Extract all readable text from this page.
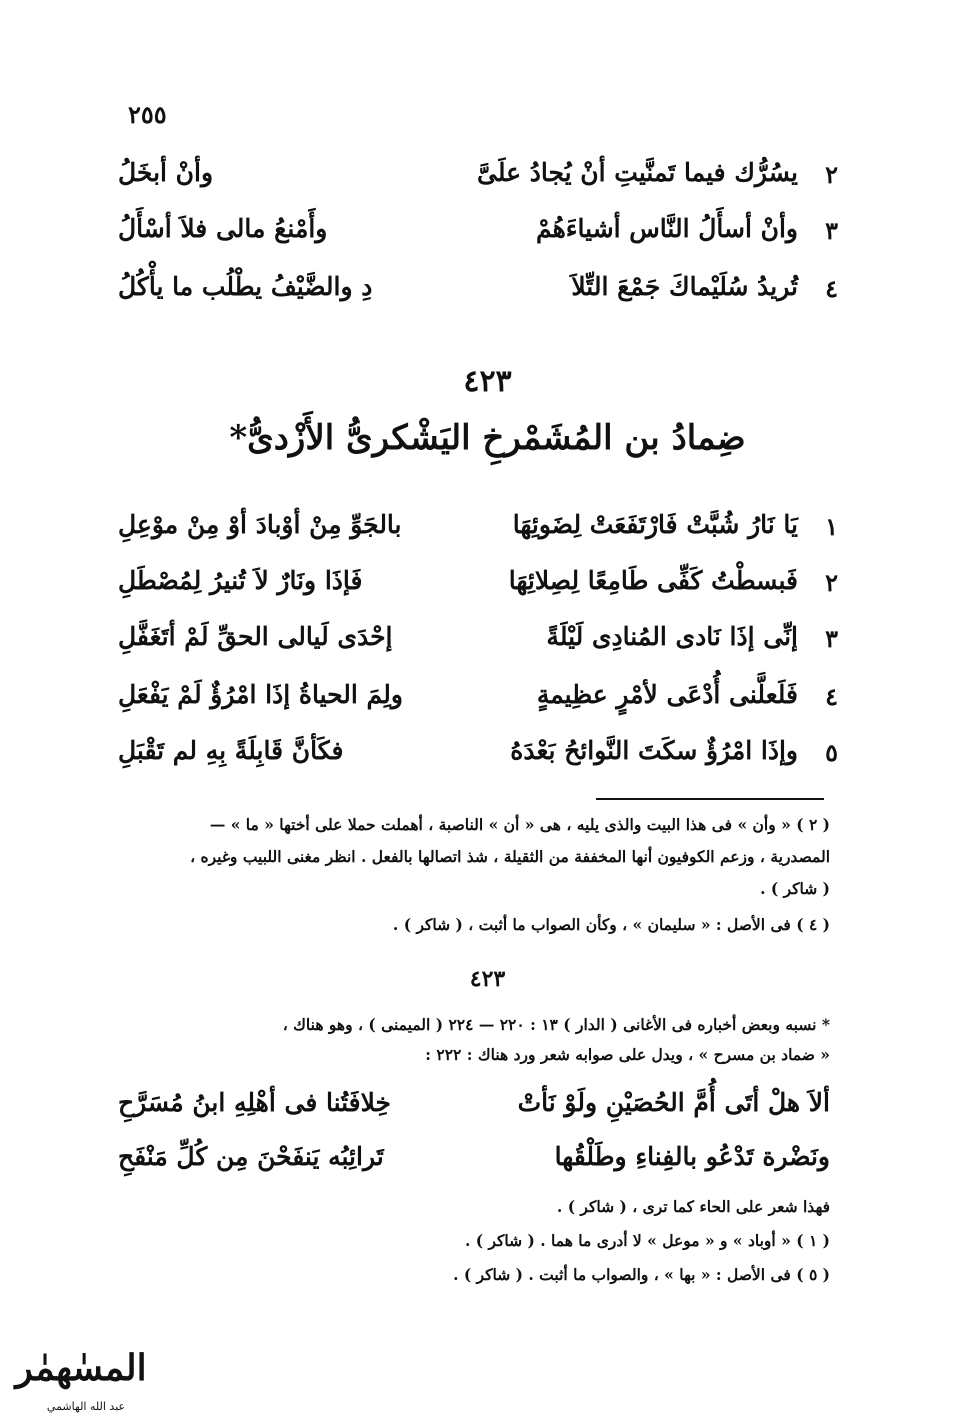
٢٥٥
٢
يسُرُّك فيما تَمنَّيتِ أنْ يُجادُ علَىَّ
وأنْ أبخَلُ
٣
وأنْ أسأَلُ النَّاس أشياءَهُمْ
وأَمْنعُ مالى فلاَ أسْأَلُ
٤
تُريدُ سُلَيْماكَ جَمْعَ التِّلاَ
دِ والضَّيْفُ يطْلُب ما يأْكُلُ
٤٢٣
ضِمادُ بن المُشَمْرخِ اليَشْكرىُّ الأَزْدىُّ*
١
يَا نَارُ شُبَّتْ فَارْتَفَعَتْ لِضَوئِهَا
بالجَوِّ مِنْ أوْبادَ أوْ مِنْ موْعِلِ
٢
فَبسطْتُ كَفِّى طَامِعًا لِصِلائِهَا
فَإذَا ونَارٌ لاَ تُنيرُ لِمُصْطَلِ
٣
إنِّى إذَا نَادى المُنادِى لَيْلَةً
إحْدَى لَيالى الحقِّ لَمْ أتَغَفَّلِ
٤
فَلَعلَّنى أُدْعَى لأمْرٍ عظِيمةٍ
ولِمَ الحياةُ إذَا امْرُؤٌ لَمْ يَفْعَلِ
٥
وإذَا امْرُؤٌ سكَتَ النَّوائحُ بَعْدَهُ
فكَأنَّ قَابِلَةً بِهِ لم تَقْبَلِ
( ٢ ) « وأن » فى هذا البيت والذى يليه ، هى « أن » الناصبة ، أهملت حملا على أختها « ما » —
المصدرية ، وزعم الكوفيون أنها المخففة من الثقيلة ، شذ اتصالها بالفعل . انظر مغنى اللبيب وغيره ،
( شاكر ) .
( ٤ ) فى الأصل : « سليمان » ، وكأن الصواب ما أثبت ، ( شاكر ) .
٤٢٣
* نسبه وبعض أخباره فى الأغانى ( الدار ) ١٣ : ٢٢٠ — ٢٢٤ ( الميمنى ) ، وهو هناك ،
« ضماد بن مسرح » ، ويدل على صوابه شعر ورد هناك : ٢٢٢ :
ألاَ هلْ أتَى أُمَّ الحُصَيْنِ ولَوْ نَأتْ
خِلافَتُنا فى أهْلِهِ ابنُ مُسَرَّحِ
ونَضْرة تَدْعُو بالفِناءِ وطَلْقُها
تَرائِبُه يَنفَحْنَ مِن كُلِّ مَنْفَحِ
فهذا شعر على الحاء كما ترى ، ( شاكر ) .
( ١ ) « أوباد » و « موعل » لا أدرى ما هما . ( شاكر ) .
( ٥ ) فى الأصل : « بها » ، والصواب ما أثبت . ( شاكر ) .
المسٰهمٰر
عبد الله الهاشمي
